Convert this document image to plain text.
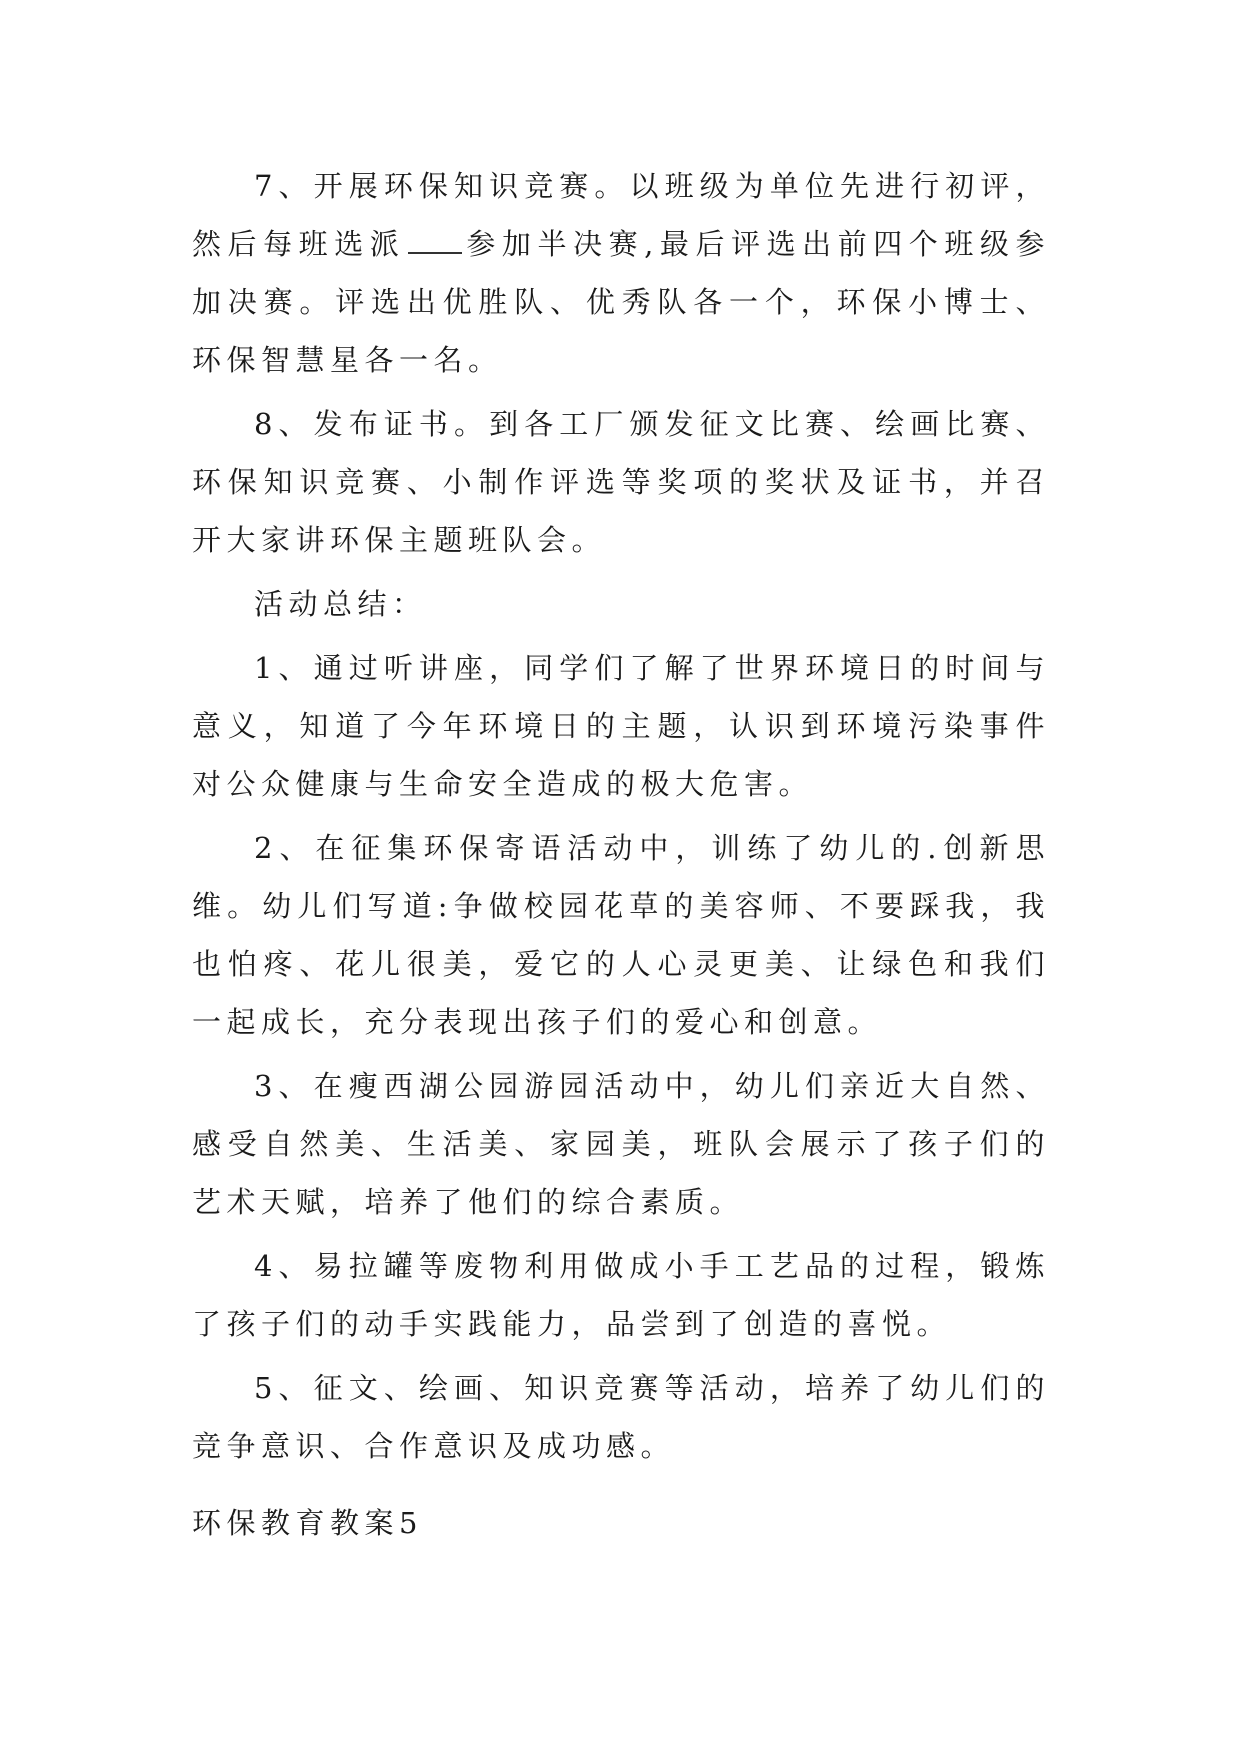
7、开展环保知识竞赛。以班级为单位先进行初评，然后每班选派 参加半决赛,最后评选出前四个班级参加决赛。评选出优胜队、优秀队各一个，环保小博士、环保智慧星各一名。

8、发布证书。到各工厂颁发征文比赛、绘画比赛、环保知识竞赛、小制作评选等奖项的奖状及证书，并召开大家讲环保主题班队会。

活动总结：

1、通过听讲座，同学们了解了世界环境日的时间与意义，知道了今年环境日的主题，认识到环境污染事件对公众健康与生命安全造成的极大危害。

2、在征集环保寄语活动中，训练了幼儿的.创新思维。幼儿们写道:争做校园花草的美容师、不要踩我，我也怕疼、花儿很美，爱它的人心灵更美、让绿色和我们一起成长，充分表现出孩子们的爱心和创意。

3、在瘦西湖公园游园活动中，幼儿们亲近大自然、感受自然美、生活美、家园美，班队会展示了孩子们的艺术天赋，培养了他们的综合素质。

4、易拉罐等废物利用做成小手工艺品的过程，锻炼了孩子们的动手实践能力，品尝到了创造的喜悦。

5、征文、绘画、知识竞赛等活动，培养了幼儿们的竞争意识、合作意识及成功感。

环保教育教案5
